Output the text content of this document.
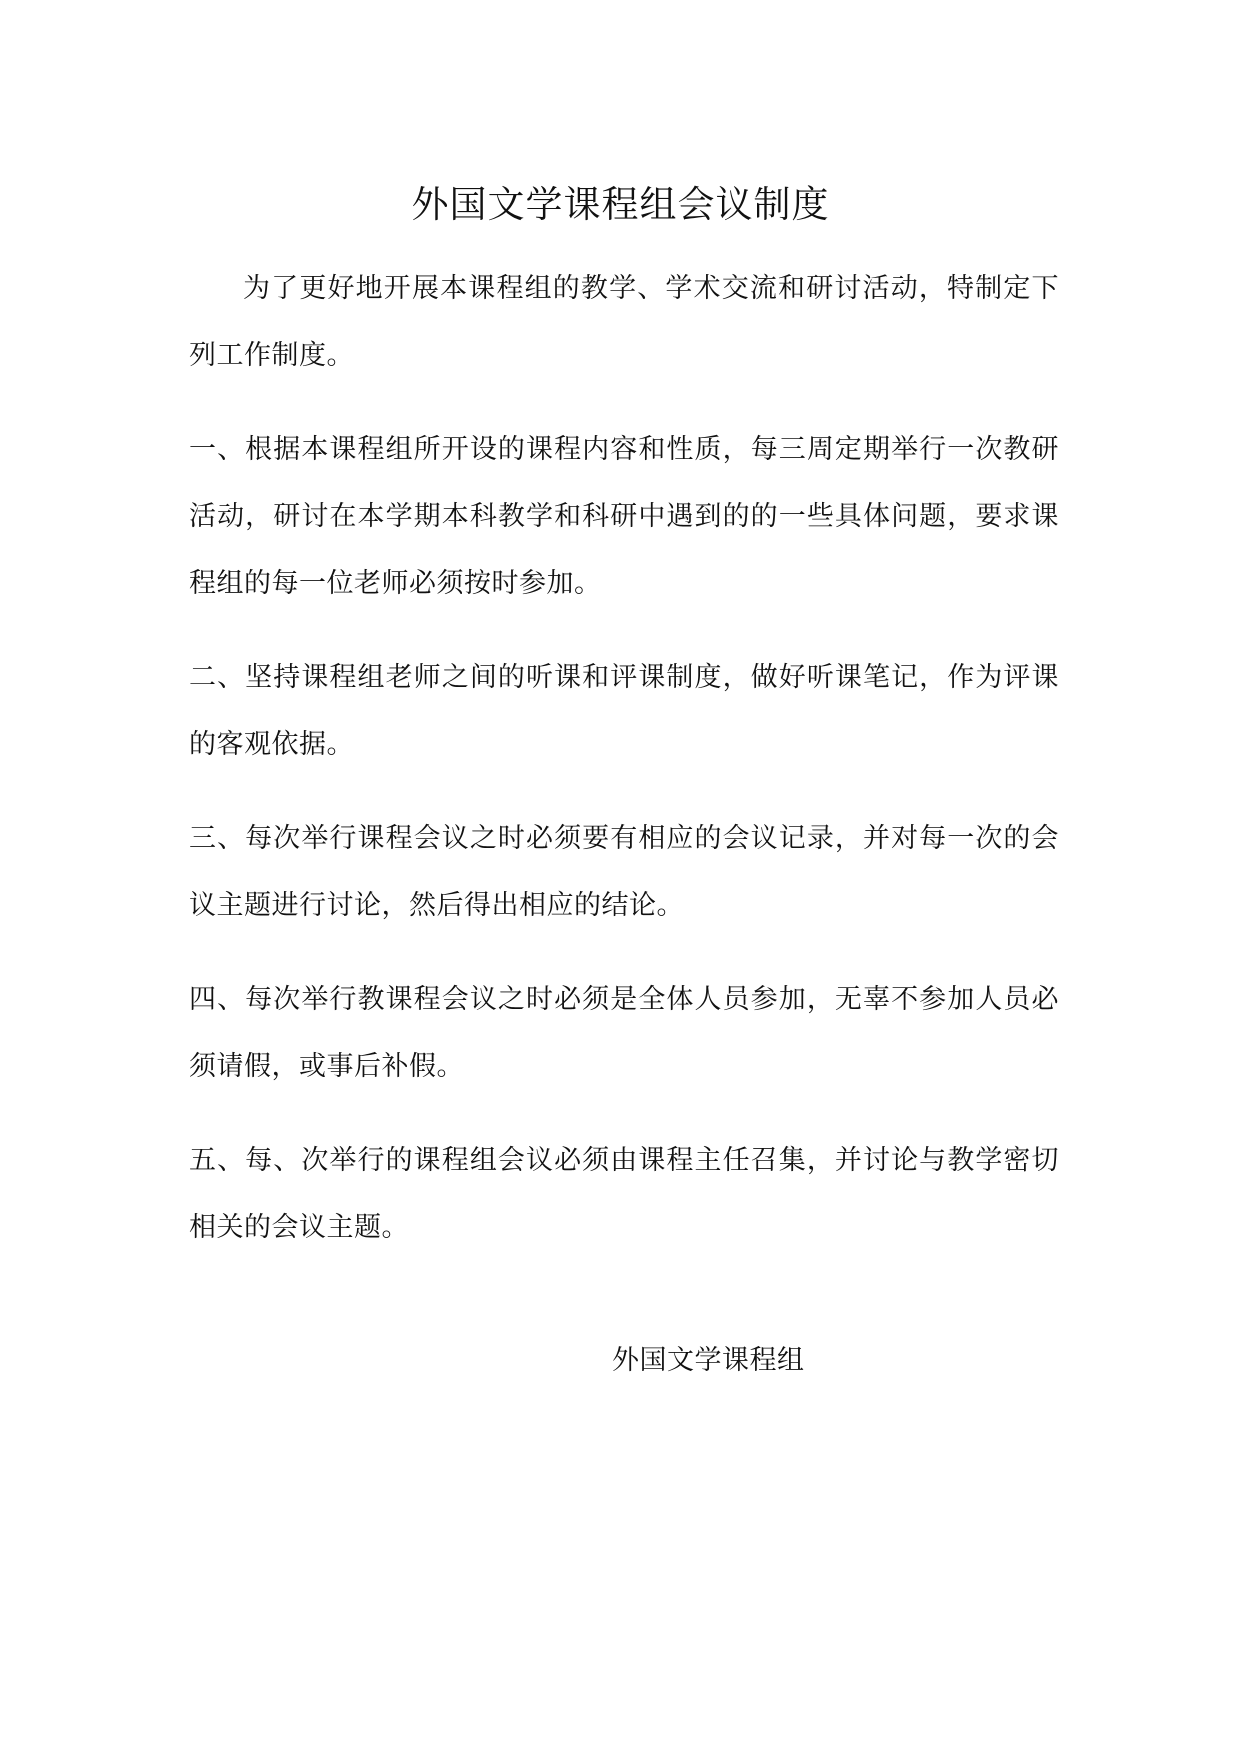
外国文学课程组会议制度

为了更好地开展本课程组的教学、学术交流和研讨活动，特制定下列工作制度。

一、根据本课程组所开设的课程内容和性质，每三周定期举行一次教研活动，研讨在本学期本科教学和科研中遇到的的一些具体问题，要求课程组的每一位老师必须按时参加。

二、坚持课程组老师之间的听课和评课制度，做好听课笔记，作为评课的客观依据。

三、每次举行课程会议之时必须要有相应的会议记录，并对每一次的会议主题进行讨论，然后得出相应的结论。

四、每次举行教课程会议之时必须是全体人员参加，无辜不参加人员必须请假，或事后补假。

五、每、次举行的课程组会议必须由课程主任召集，并讨论与教学密切相关的会议主题。

外国文学课程组
